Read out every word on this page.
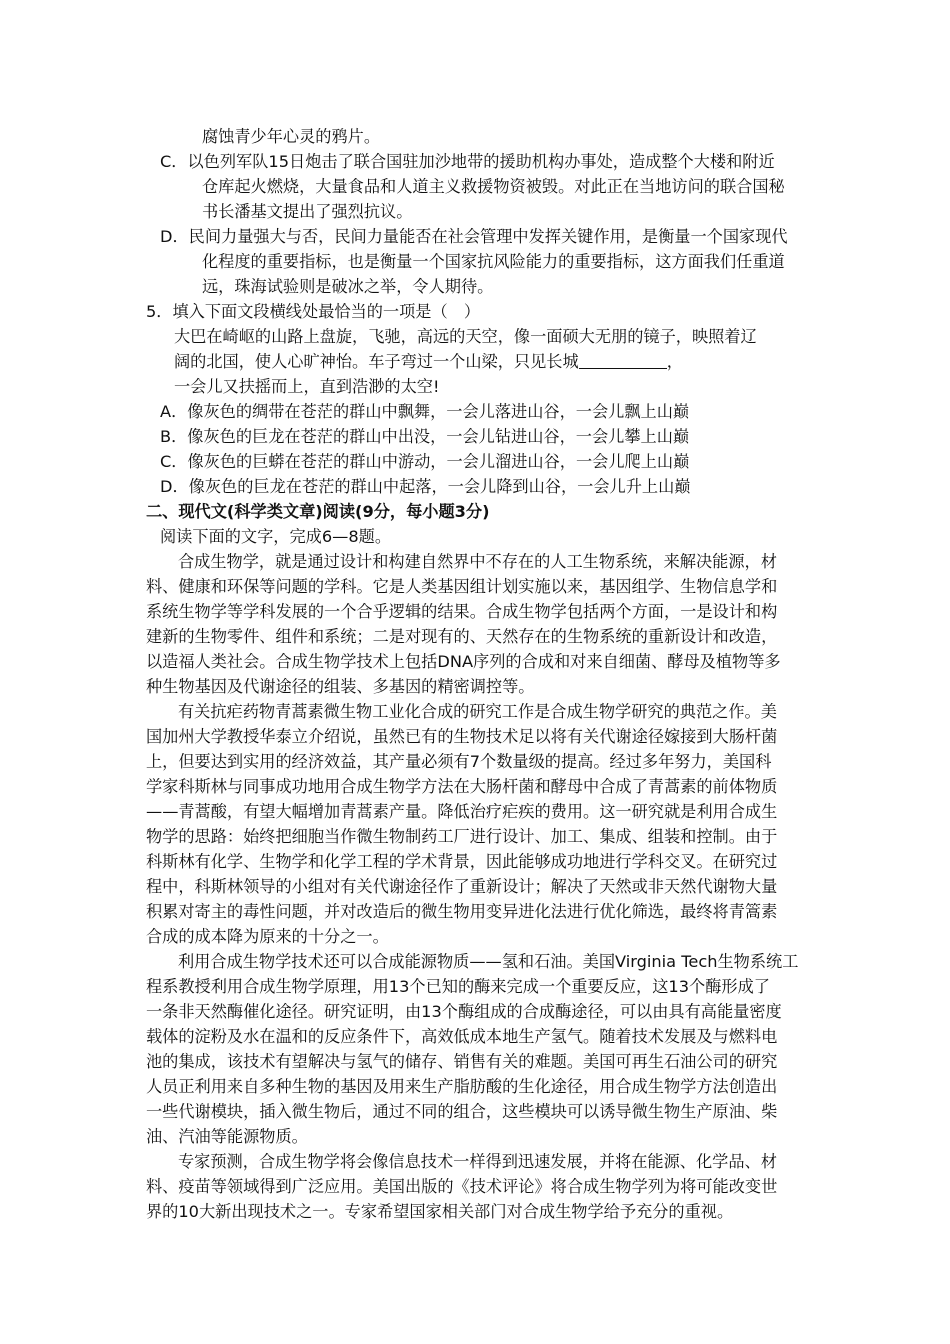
腐蚀青少年心灵的鸦片。
C．以色列军队15日炮击了联合国驻加沙地带的援助机构办事处，造成整个大楼和附近
仓库起火燃烧，大量食品和人道主义救援物资被毁。对此正在当地访问的联合国秘
书长潘基文提出了强烈抗议。
D．民间力量强大与否，民间力量能否在社会管理中发挥关键作用，是衡量一个国家现代
化程度的重要指标，也是衡量一个国家抗风险能力的重要指标，这方面我们任重道
远，珠海试验则是破冰之举，令人期待。
5．填入下面文段横线处最恰当的一项是（　）
大巴在崎岖的山路上盘旋，飞驰，高远的天空，像一面硕大无朋的镜子，映照着辽
阔的北国，使人心旷神怡。车子弯过一个山梁，只见长城	，
一会儿又扶摇而上，直到浩渺的太空!
A．像灰色的绸带在苍茫的群山中飘舞，一会儿落进山谷，一会儿飘上山巅
B．像灰色的巨龙在苍茫的群山中出没，一会儿钻进山谷，一会儿攀上山巅
C．像灰色的巨蟒在苍茫的群山中游动，一会儿溜进山谷，一会儿爬上山巅
D．像灰色的巨龙在苍茫的群山中起落，一会儿降到山谷，一会儿升上山巅
二、现代文(科学类文章)阅读(9分，每小题3分)
阅读下面的文字，完成6—8题。
合成生物学，就是通过设计和构建自然界中不存在的人工生物系统，来解决能源，材
料、健康和环保等问题的学科。它是人类基因组计划实施以来，基因组学、生物信息学和
系统生物学等学科发展的一个合乎逻辑的结果。合成生物学包括两个方面，一是设计和构
建新的生物零件、组件和系统；二是对现有的、天然存在的生物系统的重新设计和改造，
以造福人类社会。合成生物学技术上包括DNA序列的合成和对来自细菌、酵母及植物等多
种生物基因及代谢途径的组装、多基因的精密调控等。
有关抗疟药物青蒿素微生物工业化合成的研究工作是合成生物学研究的典范之作。美
国加州大学教授华泰立介绍说，虽然已有的生物技术足以将有关代谢途径嫁接到大肠杆菌
上，但要达到实用的经济效益，其产量必须有7个数量级的提高。经过多年努力，美国科
学家科斯林与同事成功地用合成生物学方法在大肠杆菌和酵母中合成了青蒿素的前体物质
——青蒿酸，有望大幅增加青蒿素产量。降低治疗疟疾的费用。这一研究就是利用合成生
物学的思路：始终把细胞当作微生物制药工厂进行设计、加工、集成、组装和控制。由于
科斯林有化学、生物学和化学工程的学术背景，因此能够成功地进行学科交叉。在研究过
程中，科斯林领导的小组对有关代谢途径作了重新设计；解决了天然或非天然代谢物大量
积累对寄主的毒性问题，并对改造后的微生物用变异进化法进行优化筛选，最终将青篙素
合成的成本降为原来的十分之一。
利用合成生物学技术还可以合成能源物质——氢和石油。美国Virginia Tech生物系统工
程系教授利用合成生物学原理，用13个已知的酶来完成一个重要反应，这13个酶形成了
一条非天然酶催化途径。研究证明，由13个酶组成的合成酶途径，可以由具有高能量密度
载体的淀粉及水在温和的反应条件下，高效低成本地生产氢气。随着技术发展及与燃料电
池的集成，该技术有望解决与氢气的储存、销售有关的难题。美国可再生石油公司的研究
人员正利用来自多种生物的基因及用来生产脂肪酸的生化途径，用合成生物学方法创造出
一些代谢模块，插入微生物后，通过不同的组合，这些模块可以诱导微生物生产原油、柴
油、汽油等能源物质。
专家预测，合成生物学将会像信息技术一样得到迅速发展，并将在能源、化学品、材
料、疫苗等领域得到广泛应用。美国出版的《技术评论》将合成生物学列为将可能改变世
界的10大新出现技术之一。专家希望国家相关部门对合成生物学给予充分的重视。
